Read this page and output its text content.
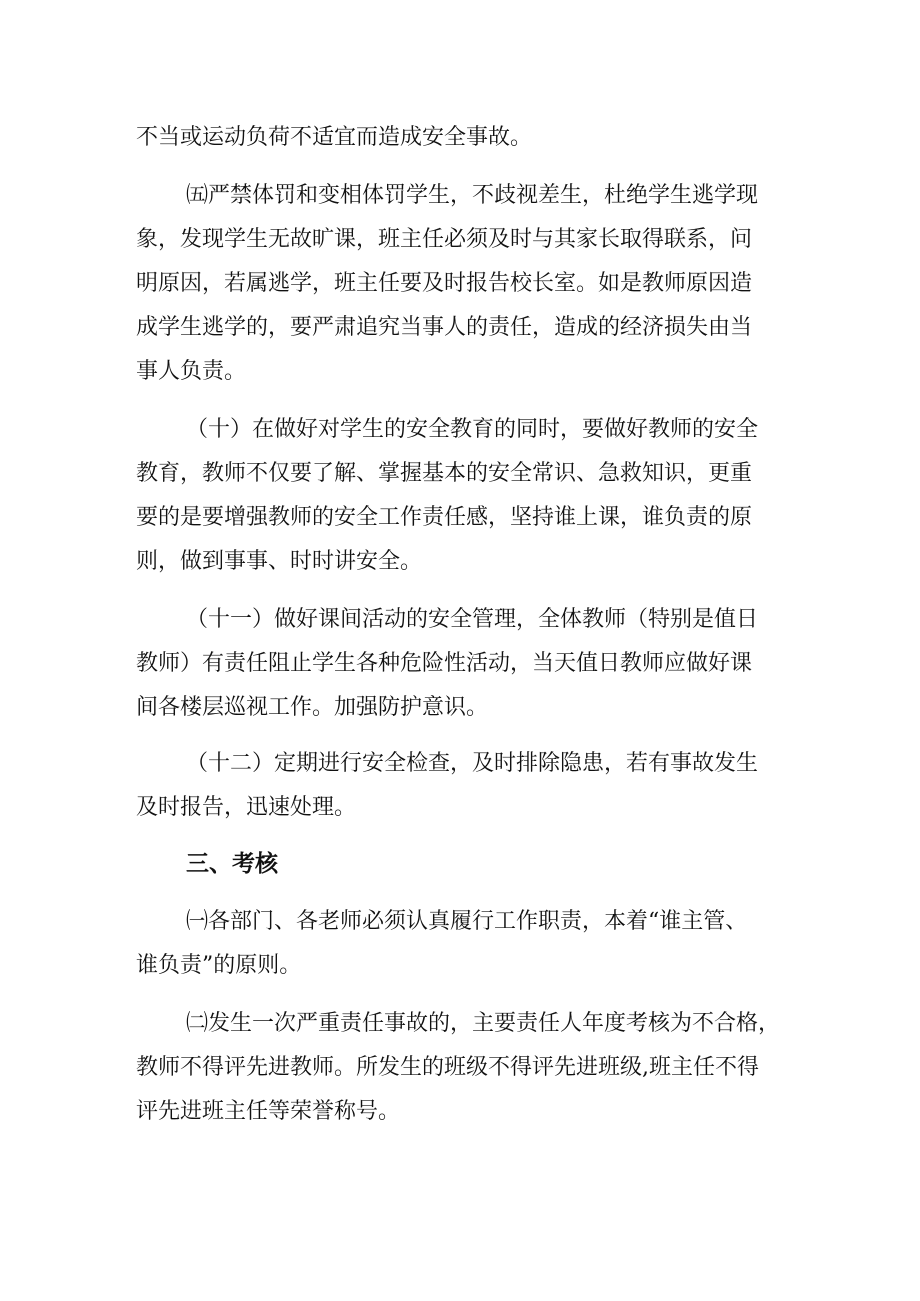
不当或运动负荷不适宜而造成安全事故。
㈤严禁体罚和变相体罚学生，不歧视差生，杜绝学生逃学现
象，发现学生无故旷课，班主任必须及时与其家长取得联系，问
明原因，若属逃学，班主任要及时报告校长室。如是教师原因造
成学生逃学的，要严肃追究当事人的责任，造成的经济损失由当
事人负责。
（十）在做好对学生的安全教育的同时，要做好教师的安全
教育，教师不仅要了解、掌握基本的安全常识、急救知识，更重
要的是要增强教师的安全工作责任感，坚持谁上课，谁负责的原
则，做到事事、时时讲安全。
（十一）做好课间活动的安全管理，全体教师（特别是值日
教师）有责任阻止学生各种危险性活动，当天值日教师应做好课
间各楼层巡视工作。加强防护意识。
（十二）定期进行安全检查，及时排除隐患，若有事故发生
及时报告，迅速处理。
三、考核
㈠各部门、各老师必须认真履行工作职责，本着“谁主管、
谁负责”的原则。
㈡发生一次严重责任事故的，主要责任人年度考核为不合格，
教师不得评先进教师。所发生的班级不得评先进班级,班主任不得
评先进班主任等荣誉称号。
